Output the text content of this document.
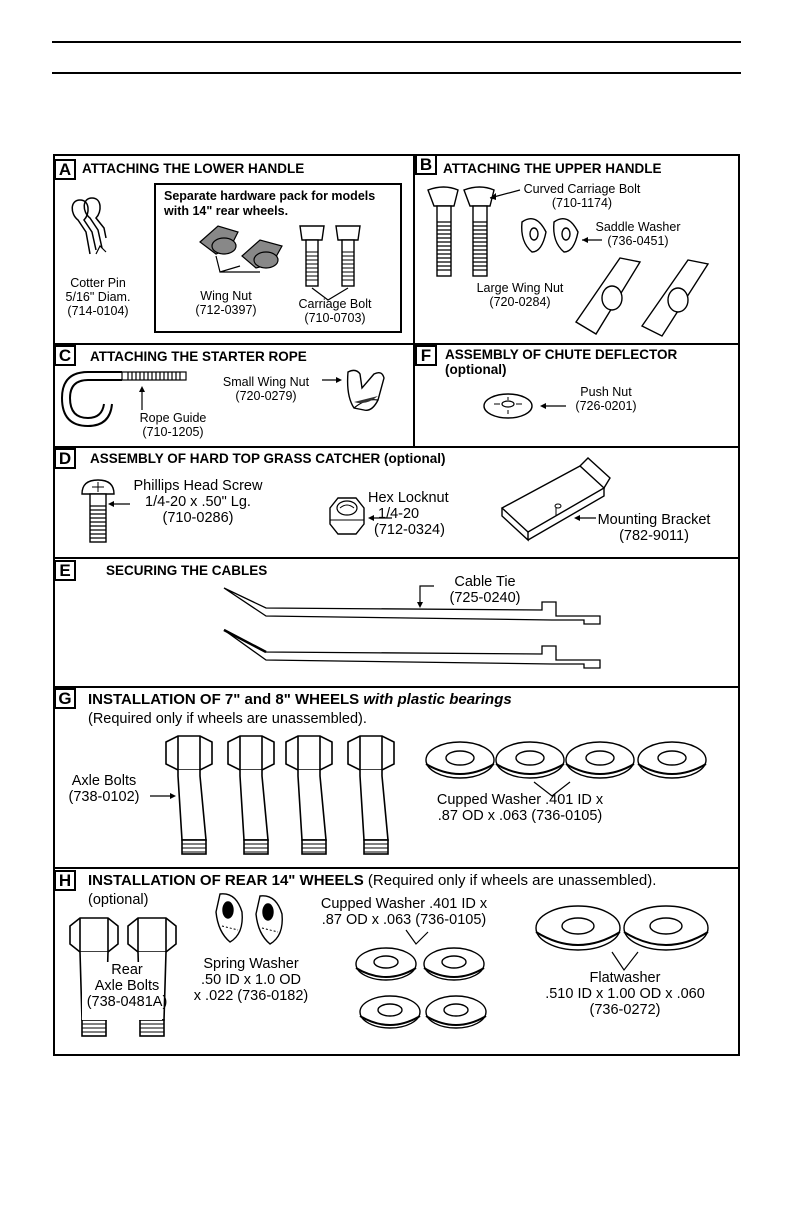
A ATTACHING THE LOWER HANDLE
Cotter Pin
5/16" Diam.
(714-0104)
Separate hardware pack for models
with 14" rear wheels.
Wing Nut
(712-0397)	Carriage Bolt
(710-0703)
B ATTACHING THE UPPER HANDLE
Curved Carriage Bolt
(710-1174)
Saddle Washer
(736-0451)
Large Wing Nut
(720-0284)
C	ATTACHING THE STARTER ROPE
Rope Guide
(710-1205)
Small Wing Nut
(720-0279)
F	ASSEMBLY OF CHUTE DEFLECTOR
(optional)
Push Nut
(726-0201)
D	ASSEMBLY OF HARD TOP GRASS CATCHER (optional)
Phillips Head Screw
1/4-20 x .50" Lg.
(710-0286)
Hex Locknut
1/4-20
(712-0324)
Mounting Bracket
(782-9011)
E	SECURING THE CABLES
Cable Tie
(725-0240)
G INSTALLATION OF 7" and 8" WHEELS with plastic bearings
(Required only if wheels are unassembled).
Axle Bolts
(738-0102)	Cupped Washer .401 ID x
.87 OD x .063 (736-0105)
H	INSTALLATION OF REAR 14" WHEELS (Required only if wheels are unassembled).
(optional)
Rear
Axle Bolts
(738-0481A)
Spring Washer
.50 ID x 1.0 OD
x .022 (736-0182)
Cupped Washer .401 ID x
.87 OD x .063 (736-0105)
Flatwasher
.510 ID x 1.00 OD x .060
(736-0272)
